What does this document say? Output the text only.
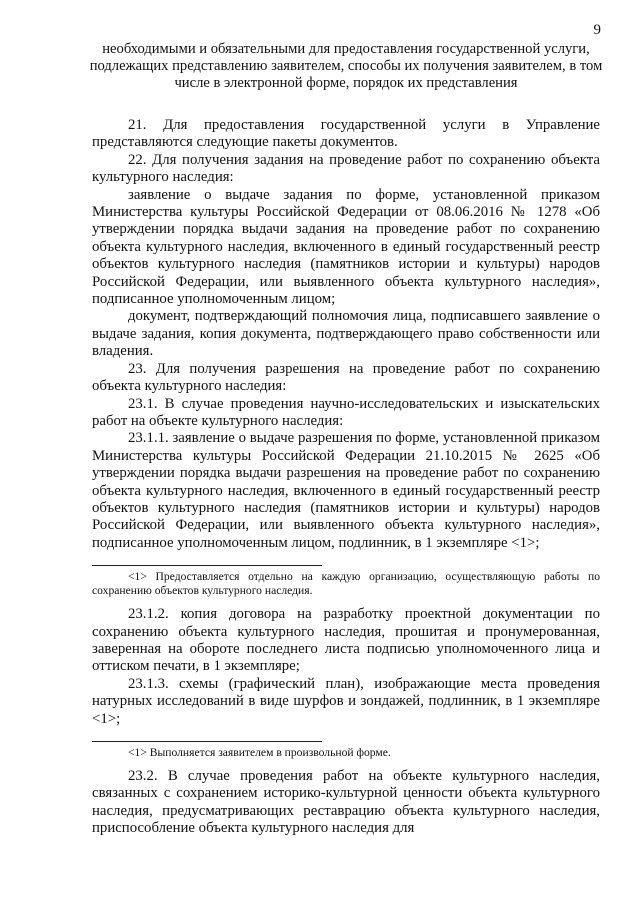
9
необходимыми и обязательными для предоставления государственной услуги, подлежащих представлению заявителем, способы их получения заявителем, в том числе в электронной форме, порядок их представления

21. Для предоставления государственной услуги в Управление представляются следующие пакеты документов.

22. Для получения задания на проведение работ по сохранению объекта культурного наследия:

заявление о выдаче задания по форме, установленной приказом Министерства культуры Российской Федерации от 08.06.2016 № 1278 «Об утверждении порядка выдачи задания на проведение работ по сохранению объекта культурного наследия, включенного в единый государственный реестр объектов культурного наследия (памятников истории и культуры) народов Российской Федерации, или выявленного объекта культурного наследия», подписанное уполномоченным лицом;

документ, подтверждающий полномочия лица, подписавшего заявление о выдаче задания, копия документа, подтверждающего право собственности или владения.

23. Для получения разрешения на проведение работ по сохранению объекта культурного наследия:

23.1. В случае проведения научно-исследовательских и изыскательских работ на объекте культурного наследия:

23.1.1. заявление о выдаче разрешения по форме, установленной приказом Министерства культуры Российской Федерации 21.10.2015 № 2625 «Об утверждении порядка выдачи разрешения на проведение работ по сохранению объекта культурного наследия, включенного в единый государственный реестр объектов культурного наследия (памятников истории и культуры) народов Российской Федерации, или выявленного объекта культурного наследия», подписанное уполномоченным лицом, подлинник, в 1 экземпляре <1>;

<1> Предоставляется отдельно на каждую организацию, осуществляющую работы по сохранению объектов культурного наследия.

23.1.2. копия договора на разработку проектной документации по сохранению объекта культурного наследия, прошитая и пронумерованная, заверенная на обороте последнего листа подписью уполномоченного лица и оттиском печати, в 1 экземпляре;

23.1.3. схемы (графический план), изображающие места проведения натурных исследований в виде шурфов и зондажей, подлинник, в 1 экземпляре <1>;

<1> Выполняется заявителем в произвольной форме.

23.2. В случае проведения работ на объекте культурного наследия, связанных с сохранением историко-культурной ценности объекта культурного наследия, предусматривающих реставрацию объекта культурного наследия, приспособление объекта культурного наследия для
